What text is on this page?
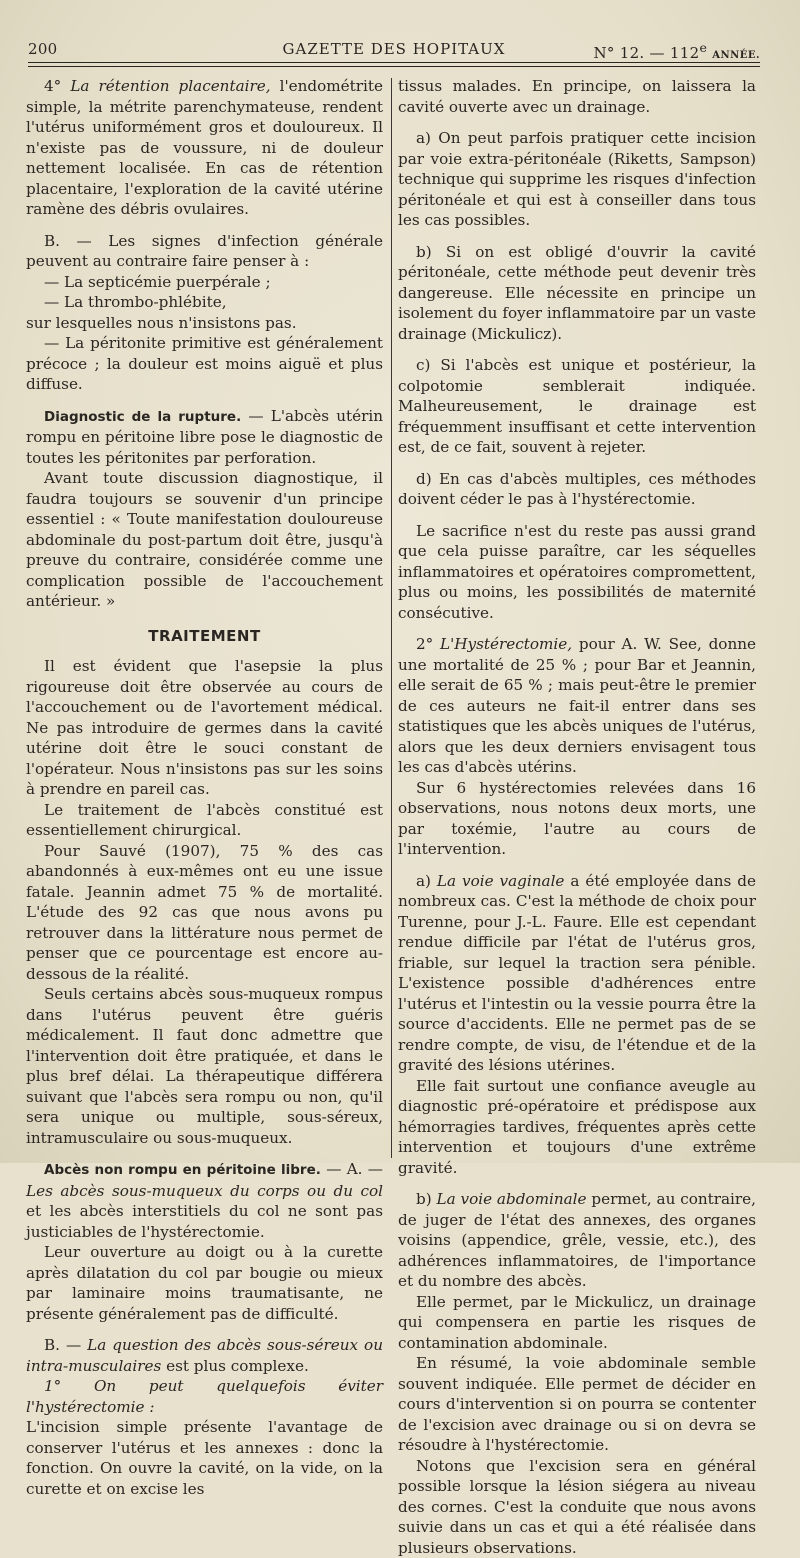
200	GAZETTE DES HOPITAUX	N° 12. — 112e ANNÉE.

4° La rétention placentaire, l'endométrite simple, la métrite parenchymateuse, rendent l'utérus uniformément gros et douloureux. Il n'existe pas de voussure, ni de douleur nettement localisée. En cas de rétention placentaire, l'exploration de la cavité utérine ramène des débris ovulaires.

B. — Les signes d'infection générale peuvent au contraire faire penser à :

— La septicémie puerpérale ;

— La thrombo-phlébite,

sur lesquelles nous n'insistons pas.

— La péritonite primitive est généralement précoce ; la douleur est moins aiguë et plus diffuse.

Diagnostic de la rupture. — L'abcès utérin rompu en péritoine libre pose le diagnostic de toutes les péritonites par perforation.

Avant toute discussion diagnostique, il faudra toujours se souvenir d'un principe essentiel : « Toute manifestation douloureuse abdominale du post-partum doit être, jusqu'à preuve du contraire, considérée comme une complication possible de l'accouchement antérieur. »

TRAITEMENT

Il est évident que l'asepsie la plus rigoureuse doit être observée au cours de l'accouchement ou de l'avortement médical. Ne pas introduire de germes dans la cavité utérine doit être le souci constant de l'opérateur. Nous n'insistons pas sur les soins à prendre en pareil cas.

Le traitement de l'abcès constitué est essentiellement chirurgical.

Pour Sauvé (1907), 75 % des cas abandonnés à eux-mêmes ont eu une issue fatale. Jeannin admet 75 % de mortalité. L'étude des 92 cas que nous avons pu retrouver dans la littérature nous permet de penser que ce pourcentage est encore au-dessous de la réalité.

Seuls certains abcès sous-muqueux rompus dans l'utérus peuvent être guéris médicalement. Il faut donc admettre que l'intervention doit être pratiquée, et dans le plus bref délai. La thérapeutique différera suivant que l'abcès sera rompu ou non, qu'il sera unique ou multiple, sous-séreux, intramusculaire ou sous-muqueux.

Abcès non rompu en péritoine libre. — A. — Les abcès sous-muqueux du corps ou du col et les abcès interstitiels du col ne sont pas justiciables de l'hystérectomie.

Leur ouverture au doigt ou à la curette après dilatation du col par bougie ou mieux par laminaire moins traumatisante, ne présente généralement pas de difficulté.

B. — La question des abcès sous-séreux ou intra-musculaires est plus complexe.

1° On peut quelquefois éviter l'hystérectomie :

L'incision simple présente l'avantage de conserver l'utérus et les annexes : donc la fonction. On ouvre la cavité, on la vide, on la curette et on excise les

tissus malades. En principe, on laissera la cavité ouverte avec un drainage.

a) On peut parfois pratiquer cette incision par voie extra-péritonéale (Riketts, Sampson) technique qui supprime les risques d'infection péritonéale et qui est à conseiller dans tous les cas possibles.

b) Si on est obligé d'ouvrir la cavité péritonéale, cette méthode peut devenir très dangereuse. Elle nécessite en principe un isolement du foyer inflammatoire par un vaste drainage (Mickulicz).

c) Si l'abcès est unique et postérieur, la colpotomie semblerait indiquée. Malheureusement, le drainage est fréquemment insuffisant et cette intervention est, de ce fait, souvent à rejeter.

d) En cas d'abcès multiples, ces méthodes doivent céder le pas à l'hystérectomie.

Le sacrifice n'est du reste pas aussi grand que cela puisse paraître, car les séquelles inflammatoires et opératoires compromettent, plus ou moins, les possibilités de maternité consécutive.

2° L'Hystérectomie, pour A. W. See, donne une mortalité de 25 % ; pour Bar et Jeannin, elle serait de 65 % ; mais peut-être le premier de ces auteurs ne fait-il entrer dans ses statistiques que les abcès uniques de l'utérus, alors que les deux derniers envisagent tous les cas d'abcès utérins.

Sur 6 hystérectomies relevées dans 16 observations, nous notons deux morts, une par toxémie, l'autre au cours de l'intervention.

a) La voie vaginale a été employée dans de nombreux cas. C'est la méthode de choix pour Turenne, pour J.-L. Faure. Elle est cependant rendue difficile par l'état de l'utérus gros, friable, sur lequel la traction sera pénible. L'existence possible d'adhérences entre l'utérus et l'intestin ou la vessie pourra être la source d'accidents. Elle ne permet pas de se rendre compte, de visu, de l'étendue et de la gravité des lésions utérines.

Elle fait surtout une confiance aveugle au diagnostic pré-opératoire et prédispose aux hémorragies tardives, fréquentes après cette intervention et toujours d'une extrême gravité.

b) La voie abdominale permet, au contraire, de juger de l'état des annexes, des organes voisins (appendice, grêle, vessie, etc.), des adhérences inflammatoires, de l'importance et du nombre des abcès.

Elle permet, par le Mickulicz, un drainage qui compensera en partie les risques de contamination abdominale.

En résumé, la voie abdominale semble souvent indiquée. Elle permet de décider en cours d'intervention si on pourra se contenter de l'excision avec drainage ou si on devra se résoudre à l'hystérectomie.

Notons que l'excision sera en général possible lorsque la lésion siégera au niveau des cornes. C'est la conduite que nous avons suivie dans un cas et qui a été réalisée dans plusieurs observations.
